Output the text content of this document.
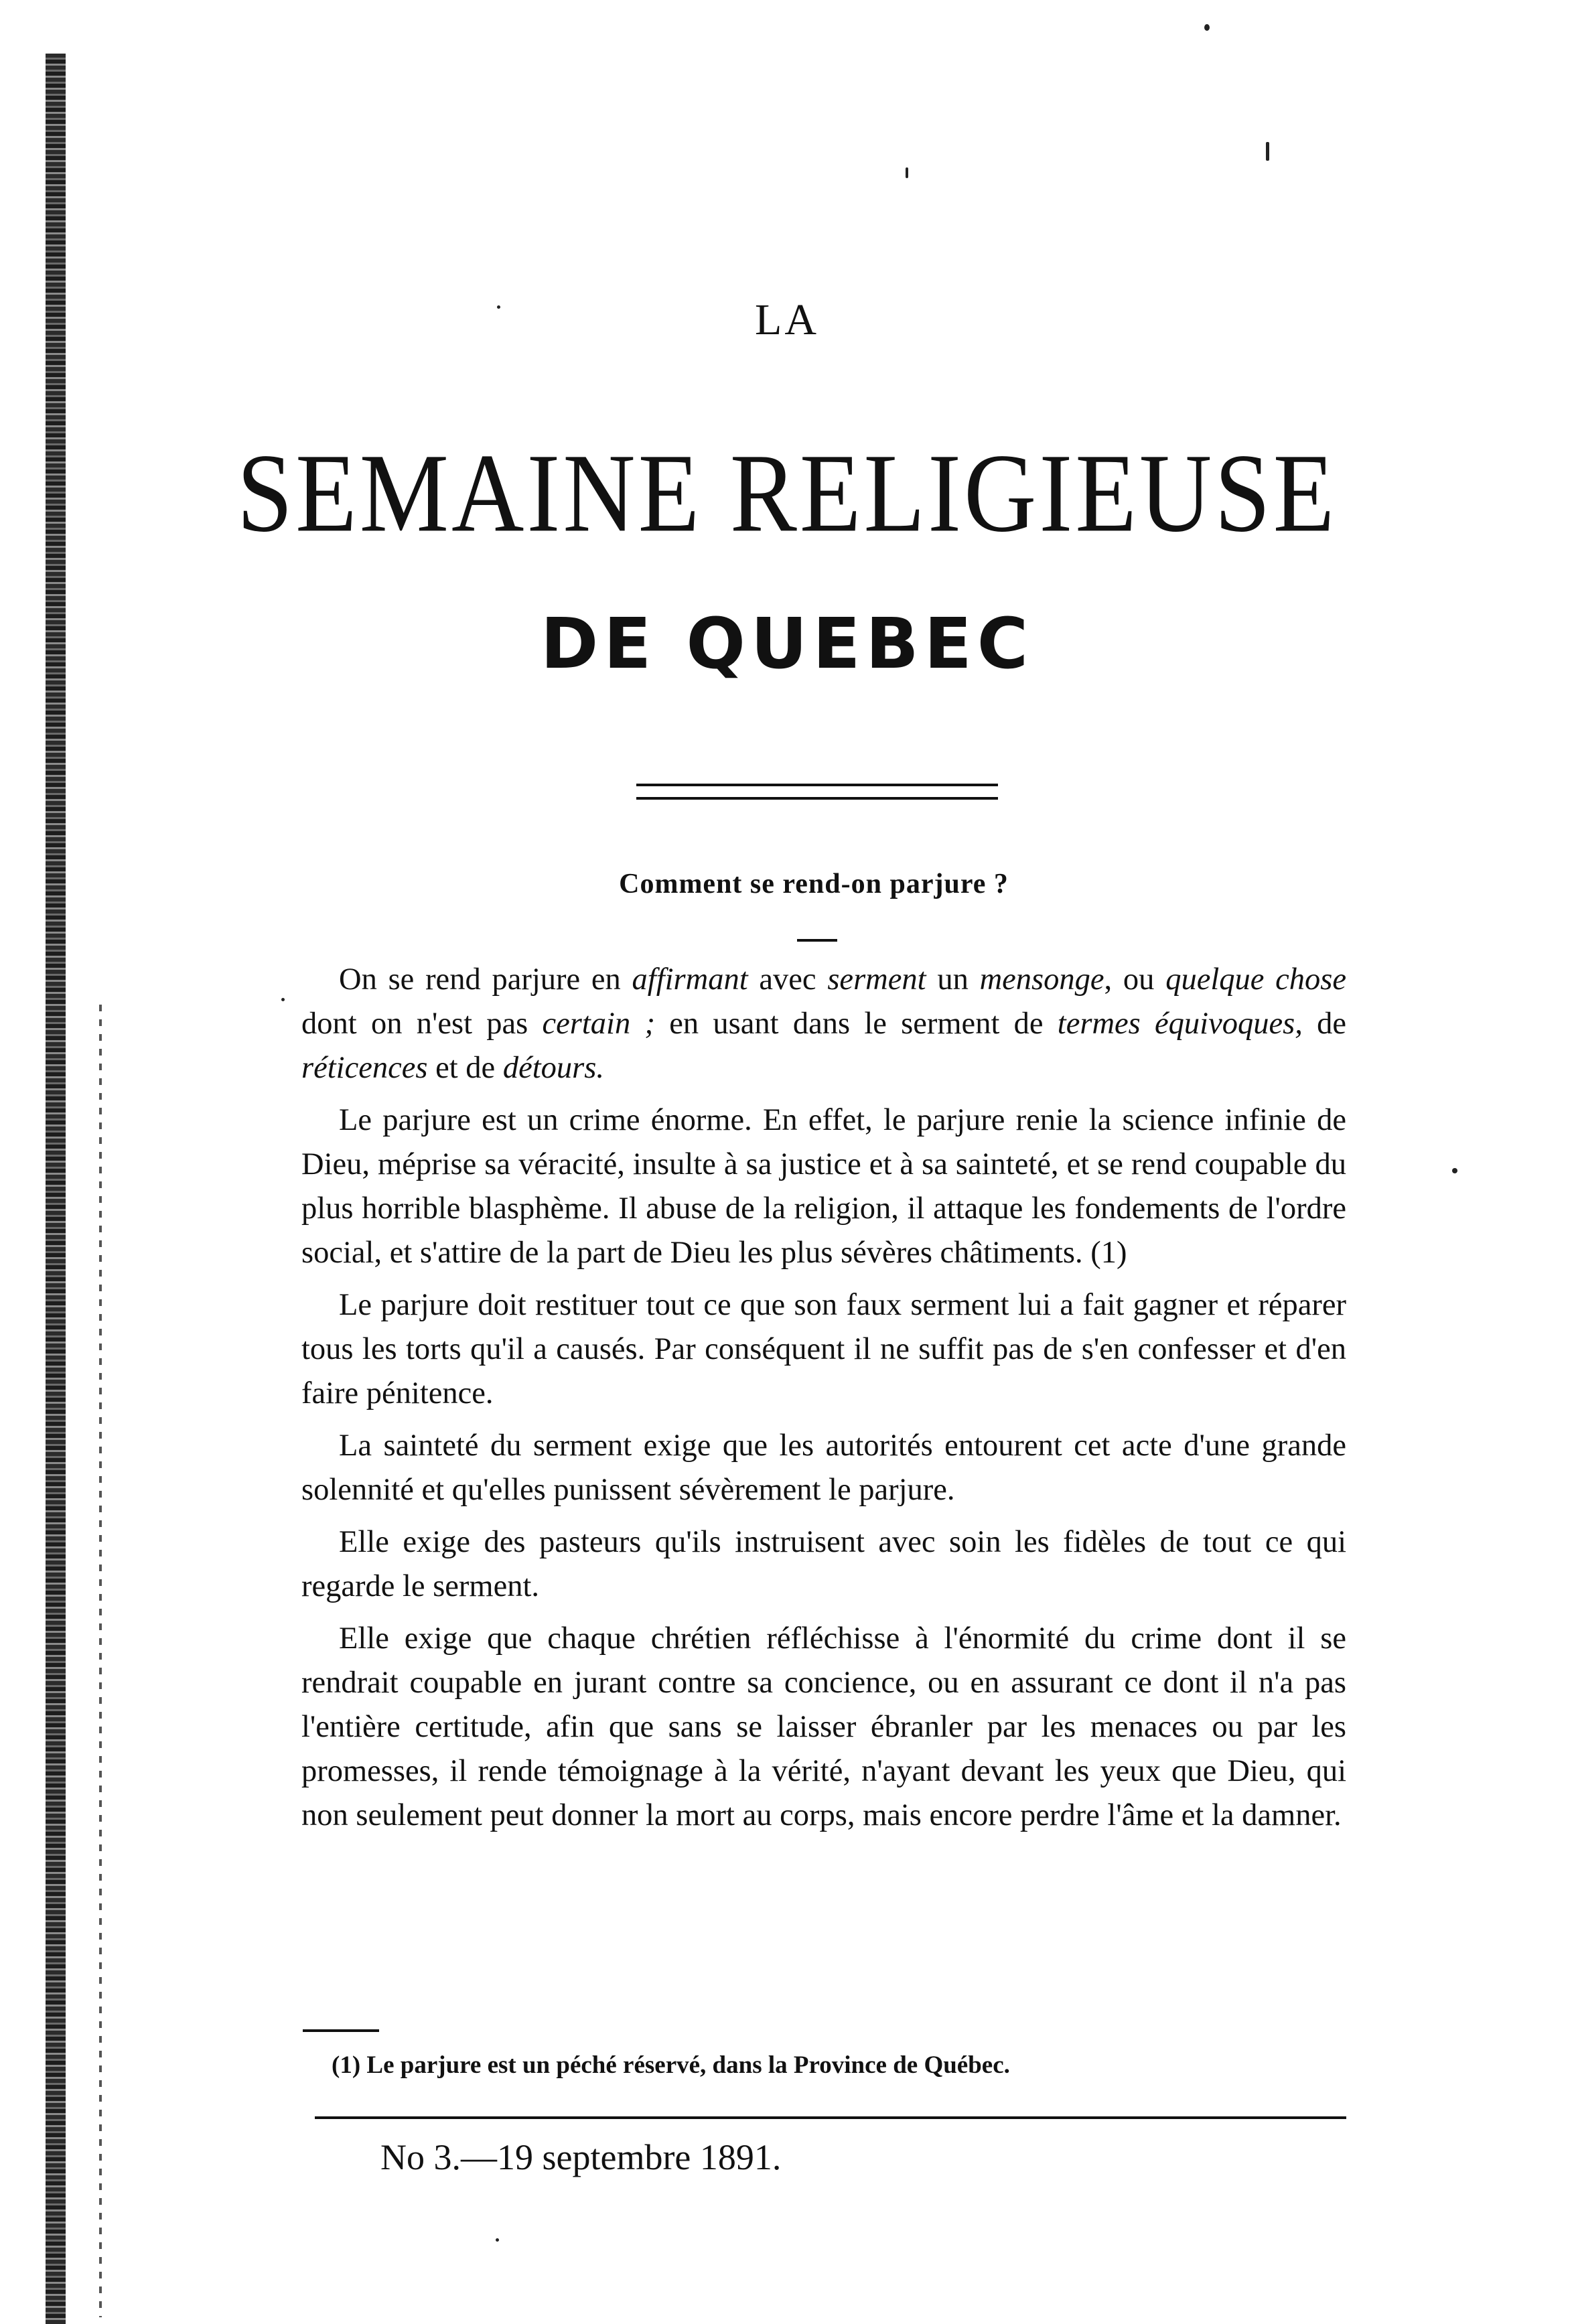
LA
SEMAINE RELIGIEUSE
DE QUEBEC
Comment se rend-on parjure ?

On se rend parjure en affirmant avec serment un mensonge, ou quelque chose dont on n'est pas certain ; en usant dans le serment de termes équivoques, de réticences et de détours.

Le parjure est un crime énorme. En effet, le parjure renie la science infinie de Dieu, méprise sa véracité, insulte à sa justice et à sa sainteté, et se rend coupable du plus horrible blasphème. Il abuse de la religion, il attaque les fondements de l'ordre social, et s'attire de la part de Dieu les plus sévères châtiments. (1)

Le parjure doit restituer tout ce que son faux serment lui a fait gagner et réparer tous les torts qu'il a causés. Par conséquent il ne suffit pas de s'en confesser et d'en faire pénitence.

La sainteté du serment exige que les autorités entourent cet acte d'une grande solennité et qu'elles punissent sévèrement le parjure.

Elle exige des pasteurs qu'ils instruisent avec soin les fidèles de tout ce qui regarde le serment.

Elle exige que chaque chrétien réfléchisse à l'énormité du crime dont il se rendrait coupable en jurant contre sa concience, ou en assurant ce dont il n'a pas l'entière certitude, afin que sans se laisser ébranler par les menaces ou par les promesses, il rende témoignage à la vérité, n'ayant devant les yeux que Dieu, qui non seulement peut donner la mort au corps, mais encore perdre l'âme et la damner.

(1) Le parjure est un péché réservé, dans la Province de Québec.
No 3.—19 septembre 1891.
